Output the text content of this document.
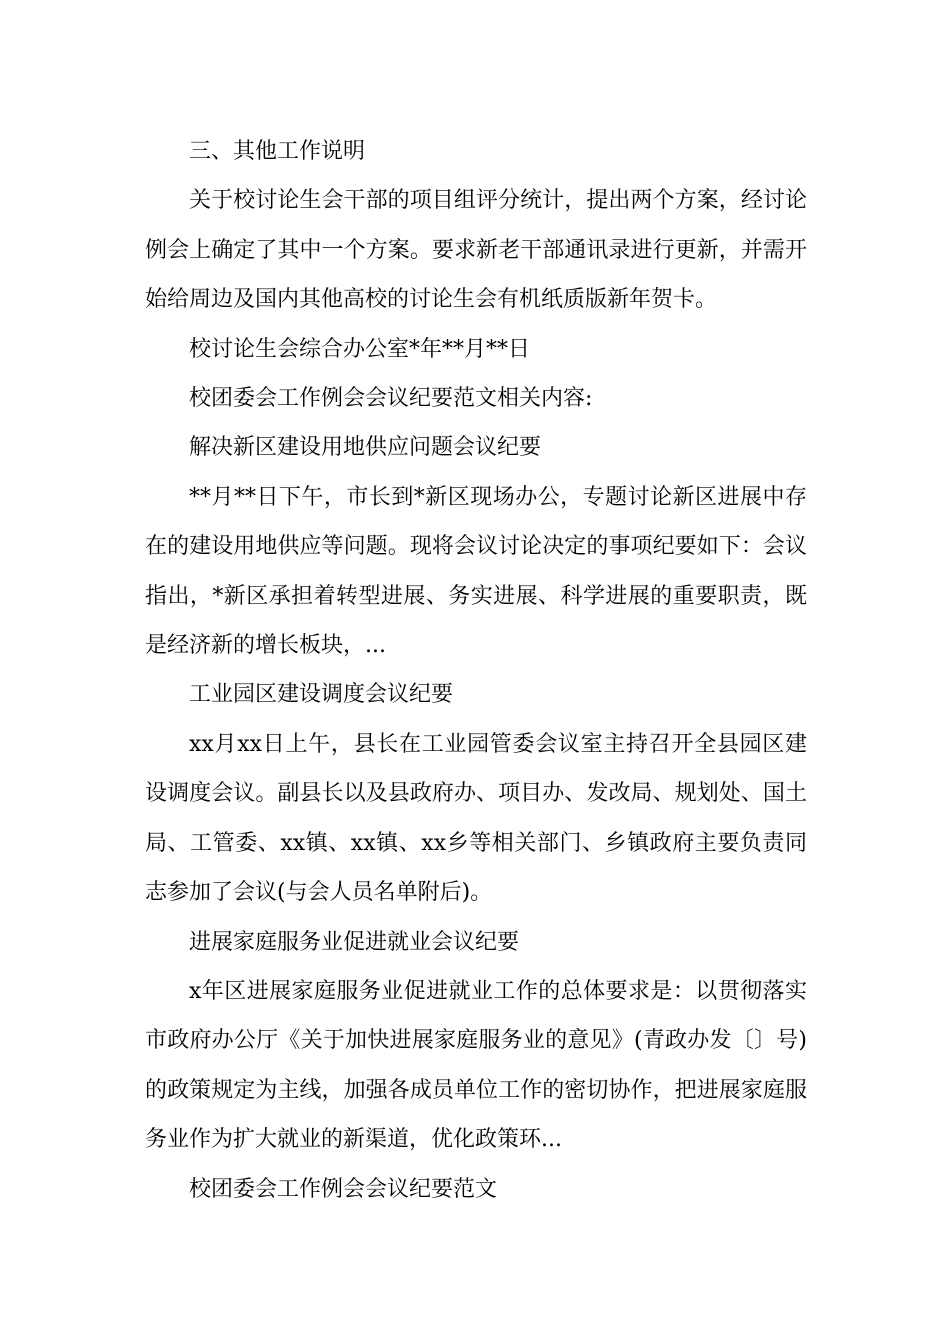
三、其他工作说明

关于校讨论生会干部的项目组评分统计，提出两个方案，经讨论例会上确定了其中一个方案。要求新老干部通讯录进行更新，并需开始给周边及国内其他高校的讨论生会有机纸质版新年贺卡。

校讨论生会综合办公室*年**月**日

校团委会工作例会会议纪要范文相关内容:

解决新区建设用地供应问题会议纪要

**月**日下午，市长到*新区现场办公，专题讨论新区进展中存在的建设用地供应等问题。现将会议讨论决定的事项纪要如下：会议指出，*新区承担着转型进展、务实进展、科学进展的重要职责，既是经济新的增长板块，...

工业园区建设调度会议纪要

xx月xx日上午，县长在工业园管委会议室主持召开全县园区建设调度会议。副县长以及县政府办、项目办、发改局、规划处、国土局、工管委、xx镇、xx镇、xx乡等相关部门、乡镇政府主要负责同志参加了会议(与会人员名单附后)。

进展家庭服务业促进就业会议纪要

x年区进展家庭服务业促进就业工作的总体要求是：以贯彻落实市政府办公厅《关于加快进展家庭服务业的意见》(青政办发〔〕号)的政策规定为主线，加强各成员单位工作的密切协作，把进展家庭服务业作为扩大就业的新渠道，优化政策环...

校团委会工作例会会议纪要范文
